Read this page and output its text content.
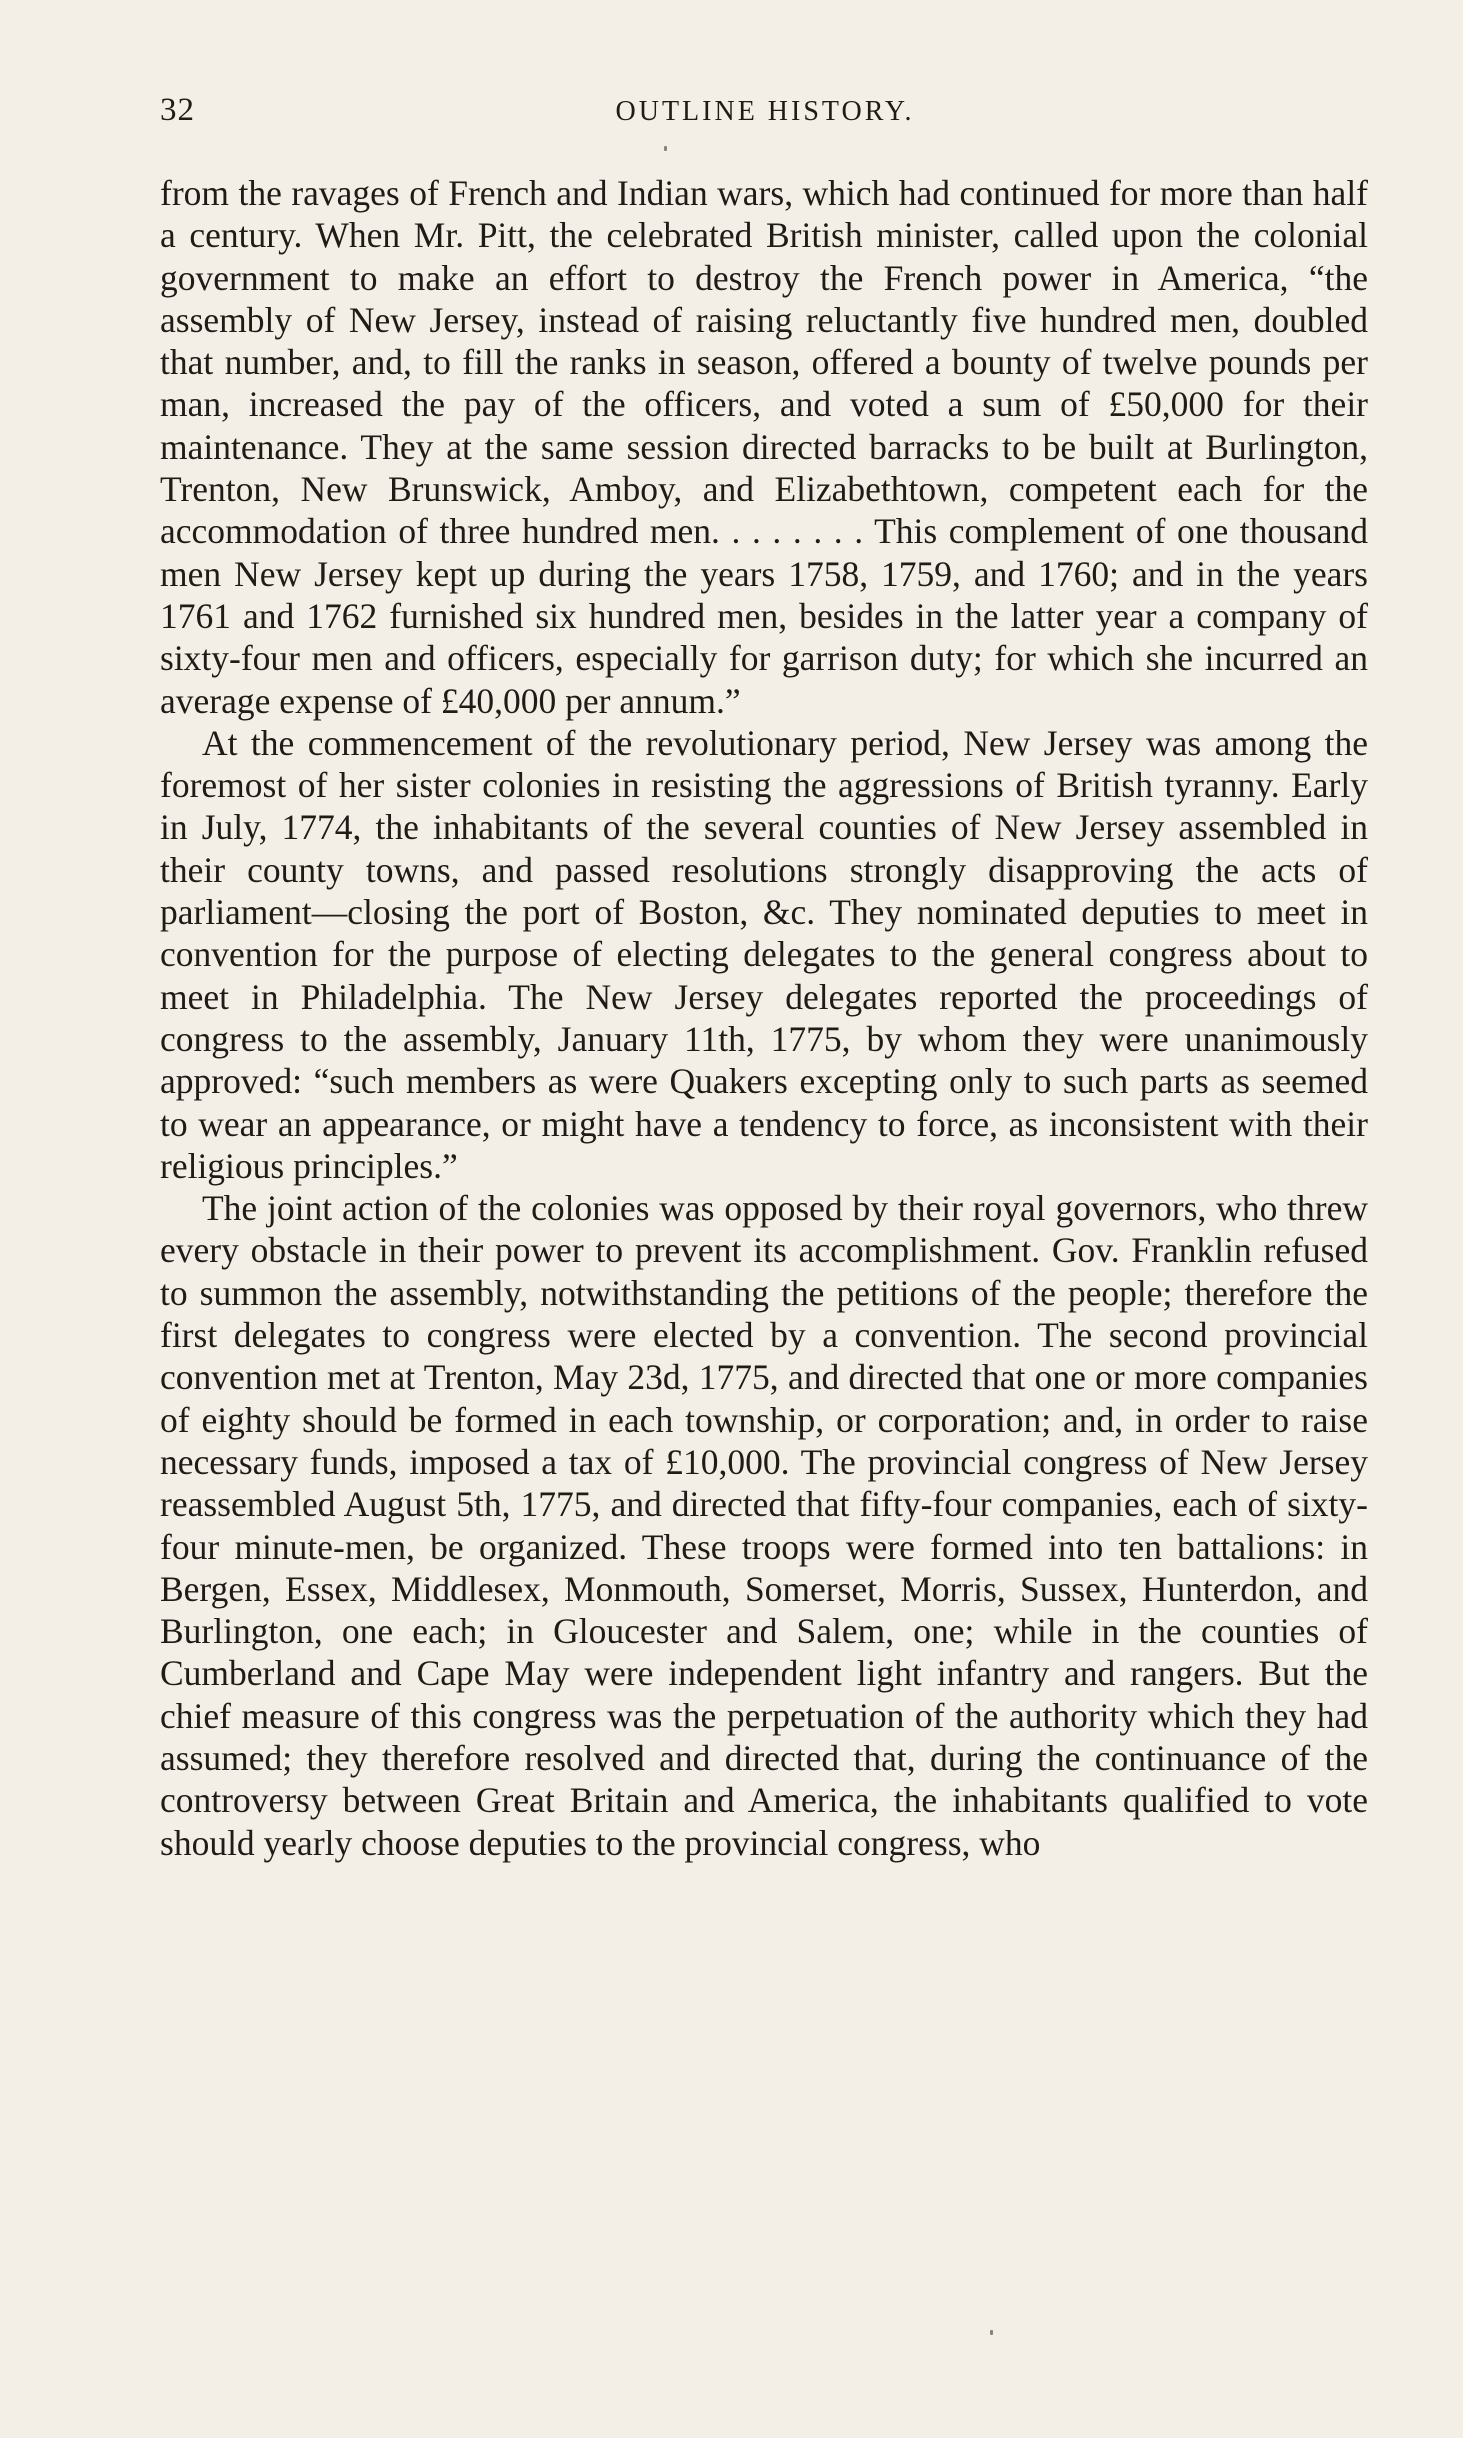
32	OUTLINE HISTORY.

from the ravages of French and Indian wars, which had continued for more than half a century. When Mr. Pitt, the celebrated British minister, called upon the colonial government to make an effort to destroy the French power in America, “the assembly of New Jersey, instead of raising reluctantly five hundred men, doubled that number, and, to fill the ranks in season, offered a bounty of twelve pounds per man, increased the pay of the officers, and voted a sum of £50,000 for their maintenance. They at the same session directed barracks to be built at Burlington, Trenton, New Brunswick, Amboy, and Elizabethtown, competent each for the accommodation of three hundred men. . . . . . . . This complement of one thousand men New Jersey kept up during the years 1758, 1759, and 1760; and in the years 1761 and 1762 furnished six hundred men, besides in the latter year a company of sixty-four men and officers, especially for garrison duty; for which she incurred an average expense of £40,000 per annum.”

At the commencement of the revolutionary period, New Jersey was among the foremost of her sister colonies in resisting the aggressions of British tyranny. Early in July, 1774, the inhabitants of the several counties of New Jersey assembled in their county towns, and passed resolutions strongly disapproving the acts of parliament—closing the port of Boston, &c. They nominated deputies to meet in convention for the purpose of electing delegates to the general congress about to meet in Philadelphia. The New Jersey delegates reported the proceedings of congress to the assembly, January 11th, 1775, by whom they were unanimously approved: “such members as were Quakers excepting only to such parts as seemed to wear an appearance, or might have a tendency to force, as inconsistent with their religious principles.”

The joint action of the colonies was opposed by their royal governors, who threw every obstacle in their power to prevent its accomplishment. Gov. Franklin refused to summon the assembly, notwithstanding the petitions of the people; therefore the first delegates to congress were elected by a convention. The second provincial convention met at Trenton, May 23d, 1775, and directed that one or more companies of eighty should be formed in each township, or corporation; and, in order to raise necessary funds, imposed a tax of £10,000. The provincial congress of New Jersey reassembled August 5th, 1775, and directed that fifty-four companies, each of sixty-four minute-men, be organized. These troops were formed into ten battalions: in Bergen, Essex, Middlesex, Monmouth, Somerset, Morris, Sussex, Hunterdon, and Burlington, one each; in Gloucester and Salem, one; while in the counties of Cumberland and Cape May were independent light infantry and rangers. But the chief measure of this congress was the perpetuation of the authority which they had assumed; they therefore resolved and directed that, during the continuance of the controversy between Great Britain and America, the inhabitants qualified to vote should yearly choose deputies to the provincial congress, who
